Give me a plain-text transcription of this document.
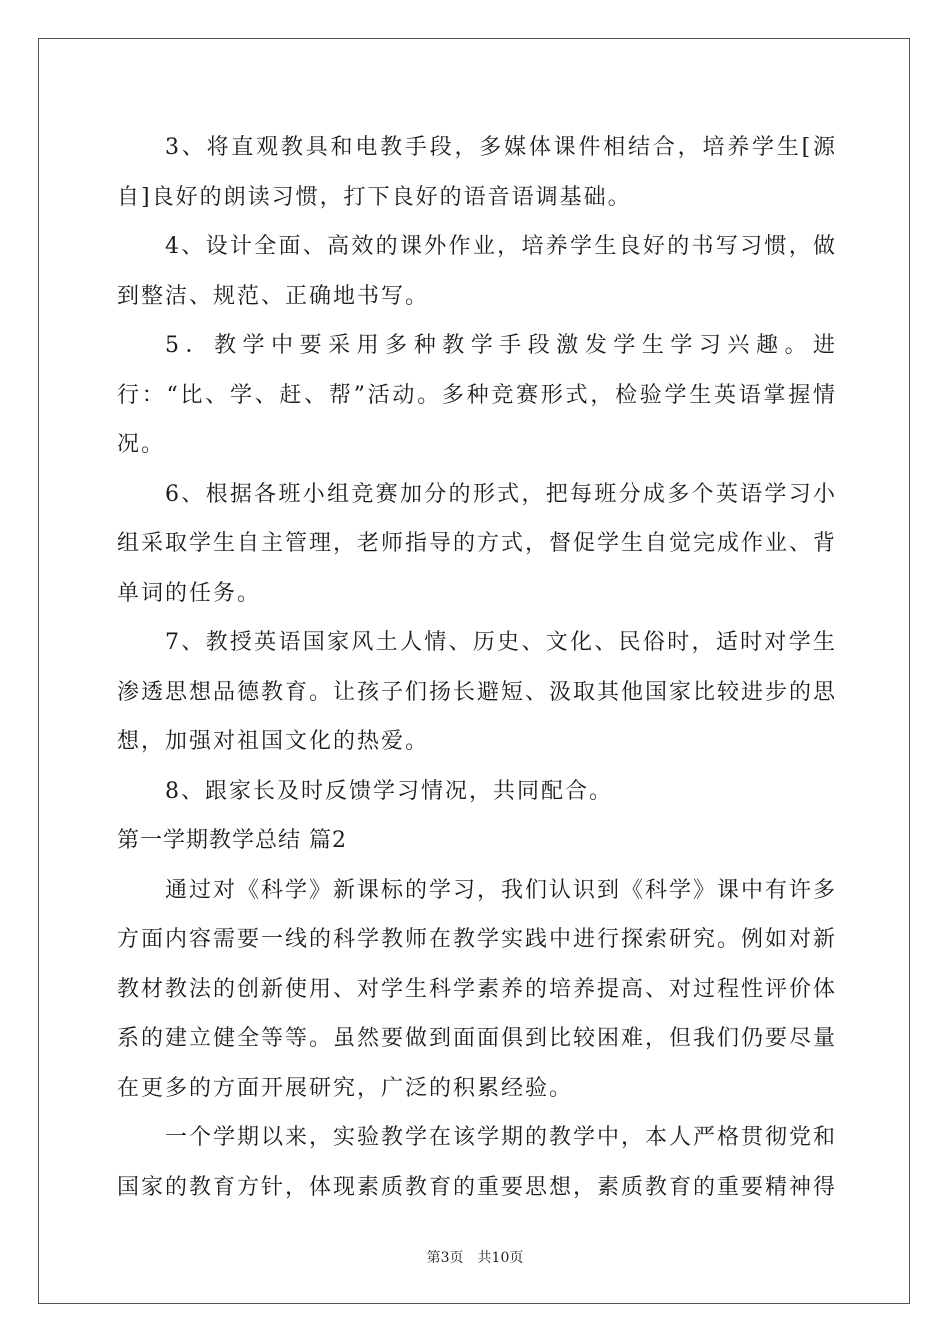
3、将直观教具和电教手段，多媒体课件相结合，培养学生[源自]良好的朗读习惯，打下良好的语音语调基础。

4、设计全面、高效的课外作业，培养学生良好的书写习惯，做到整洁、规范、正确地书写。

5．教学中要采用多种教学手段激发学生学习兴趣。进行：“比、学、赶、帮”活动。多种竞赛形式，检验学生英语掌握情况。

6、根据各班小组竞赛加分的形式，把每班分成多个英语学习小组采取学生自主管理，老师指导的方式，督促学生自觉完成作业、背单词的任务。

7、教授英语国家风土人情、历史、文化、民俗时，适时对学生渗透思想品德教育。让孩子们扬长避短、汲取其他国家比较进步的思想，加强对祖国文化的热爱。

8、跟家长及时反馈学习情况，共同配合。

第一学期教学总结 篇2

通过对《科学》新课标的学习，我们认识到《科学》课中有许多方面内容需要一线的科学教师在教学实践中进行探索研究。例如对新教材教法的创新使用、对学生科学素养的培养提高、对过程性评价体系的建立健全等等。虽然要做到面面俱到比较困难，但我们仍要尽量在更多的方面开展研究，广泛的积累经验。

一个学期以来，实验教学在该学期的教学中，本人严格贯彻党和国家的教育方针，体现素质教育的重要思想，素质教育的重要精神得

第3页　共10页
